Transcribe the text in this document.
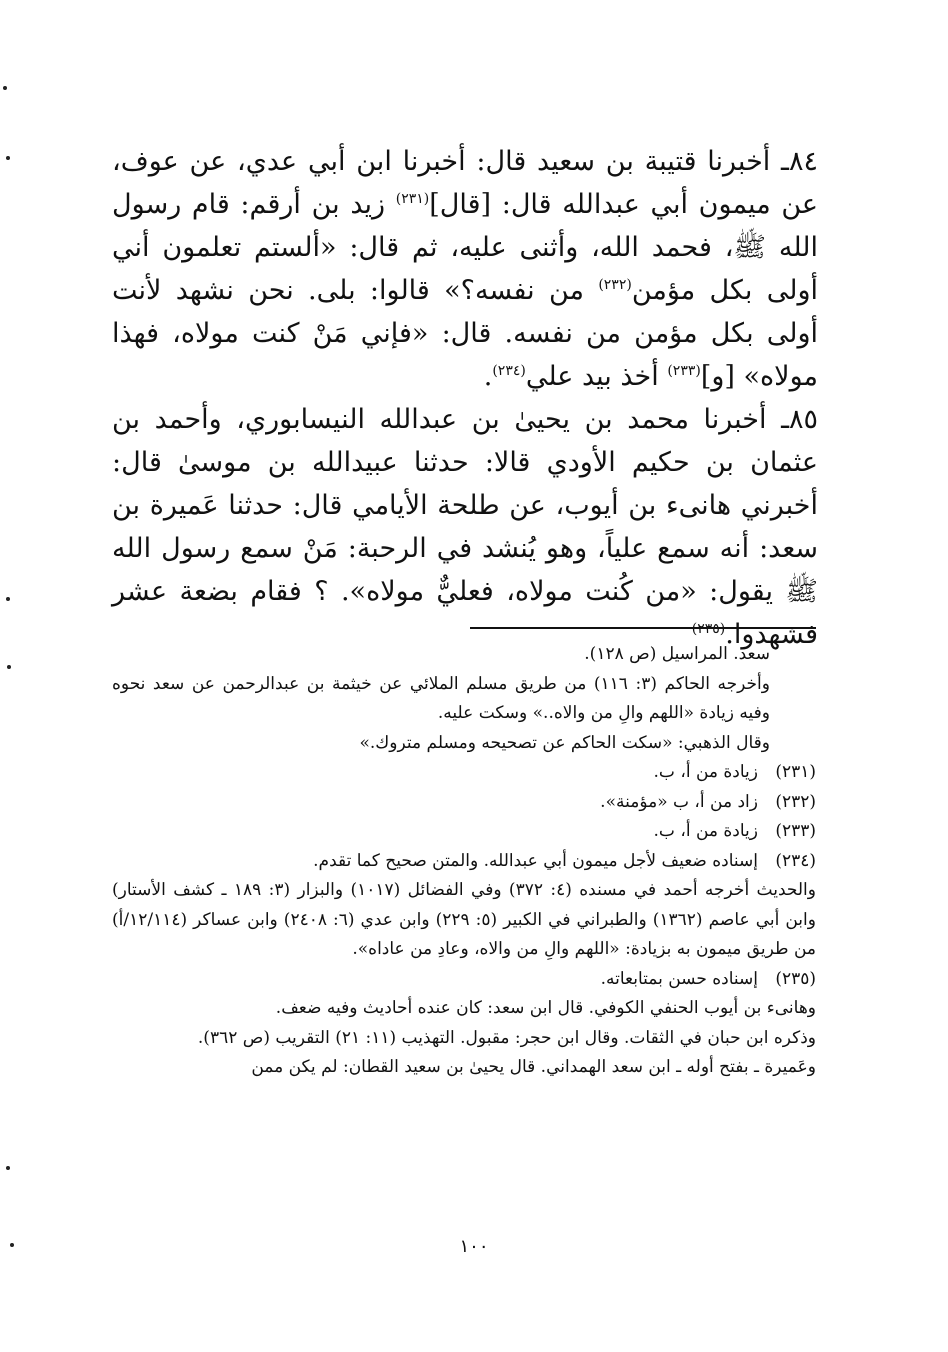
٨٤ـ أخبرنا قتيبة بن سعيد قال: أخبرنا ابن أبي عدي، عن عوف، عن ميمون أبي عبدالله قال: [قال]$^{(٢٣١)}$ زيد بن أرقم: قام رسول الله ﷺ، فحمد الله، وأثنى عليه، ثم قال: «ألستم تعلمون أني أولى بكل مؤمن$^{(٢٣٢)}$ من نفسه؟» قالوا: بلى. نحن نشهد لأنت أولى بكل مؤمن من نفسه. قال: «فإني مَنْ كنت مولاه، فهذا مولاه» [و]$^{(٢٣٣)}$ أخذ بيد علي$^{(٢٣٤)}$.

٨٥ـ أخبرنا محمد بن يحيىٰ بن عبدالله النيسابوري، وأحمد بن عثمان بن حكيم الأودي قالا: حدثنا عبيدالله بن موسىٰ قال: أخبرني هانىء بن أيوب، عن طلحة الأيامي قال: حدثنا عَميرة بن سعد: أنه سمع علياً، وهو يُنشد في الرحبة: مَنْ سمع رسول الله ﷺ يقول: «من كُنت مولاه، فعليٌّ مولاه». ؟ فقام بضعة عشر فشهدوا.$^{(٢٣٥)}$

سعد. المراسيل (ص ١٢٨).

وأخرجه الحاكم (٣: ١١٦) من طريق مسلم الملائي عن خيثمة بن عبدالرحمن عن سعد نحوه وفيه زيادة «اللهم والِ من والاه..» وسكت عليه.

وقال الذهبي: «سكت الحاكم عن تصحيحه ومسلم متروك.»

(٢٣١)
زيادة من أ، ب.
(٢٣٢)
زاد من أ، ب «مؤمنة».
(٢٣٣)
زيادة من أ، ب.
(٢٣٤)
إسناده ضعيف لأجل ميمون أبي عبدالله. والمتن صحيح كما تقدم.

والحديث أخرجه أحمد في مسنده (٤: ٣٧٢) وفي الفضائل (١٠١٧) والبزار (٣: ١٨٩ ـ كشف الأستار) وابن أبي عاصم (١٣٦٢) والطبراني في الكبير (٥: ٢٢٩) وابن عدي (٦: ٢٤٠٨) وابن عساكر (١٢/١١٤/أ) من طريق ميمون به بزيادة: «اللهم والِ من والاه، وعادِ من عاداه».

(٢٣٥)
إسناده حسن بمتابعاته.

وهانىء بن أيوب الحنفي الكوفي. قال ابن سعد: كان عنده أحاديث وفيه ضعف.

وذكره ابن حبان في الثقات. وقال ابن حجر: مقبول. التهذيب (١١: ٢١) التقريب (ص ٣٦٢).

وعَميرة ـ بفتح أوله ـ ابن سعد الهمداني. قال يحيىٰ بن سعيد القطان: لم يكن ممن

١٠٠
